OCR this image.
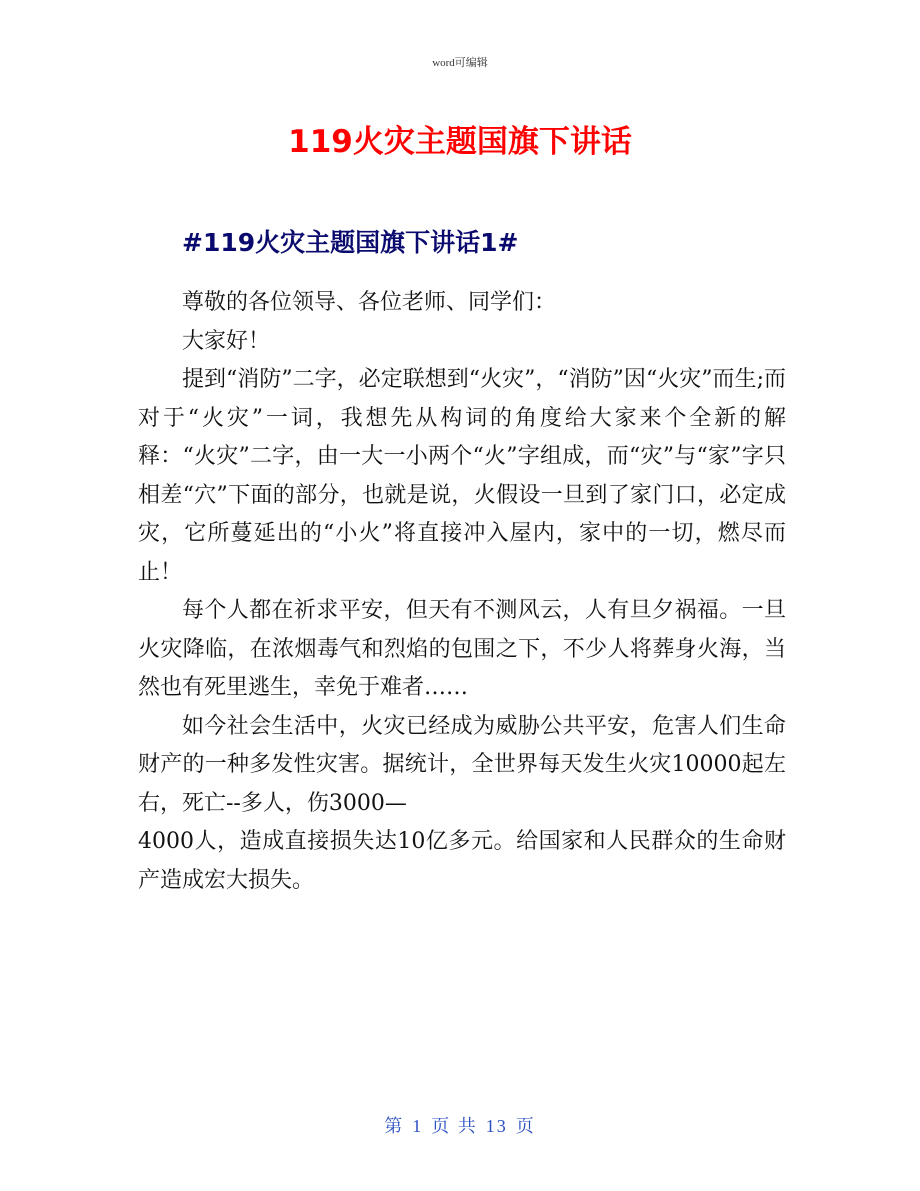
word可编辑
119火灾主题国旗下讲话
#119火灾主题国旗下讲话1#

尊敬的各位领导、各位老师、同学们：

大家好！

提到“消防”二字，必定联想到“火灾”，“消防”因“火灾”而生;而对于“火灾”一词，我想先从构词的角度给大家来个全新的解释：“火灾”二字，由一大一小两个“火”字组成，而“灾”与“家”字只相差“穴”下面的部分，也就是说，火假设一旦到了家门口，必定成灾，它所蔓延出的“小火”将直接冲入屋内，家中的一切，燃尽而止！

每个人都在祈求平安，但天有不测风云，人有旦夕祸福。一旦火灾降临，在浓烟毒气和烈焰的包围之下，不少人将葬身火海，当然也有死里逃生，幸免于难者……

如今社会生活中，火灾已经成为威胁公共平安，危害人们生命财产的一种多发性灾害。据统计，全世界每天发生火灾10000起左右，死亡--多人，伤3000—

4000人，造成直接损失达10亿多元。给国家和人民群众的生命财产造成宏大损失。

第 1 页 共 13 页
